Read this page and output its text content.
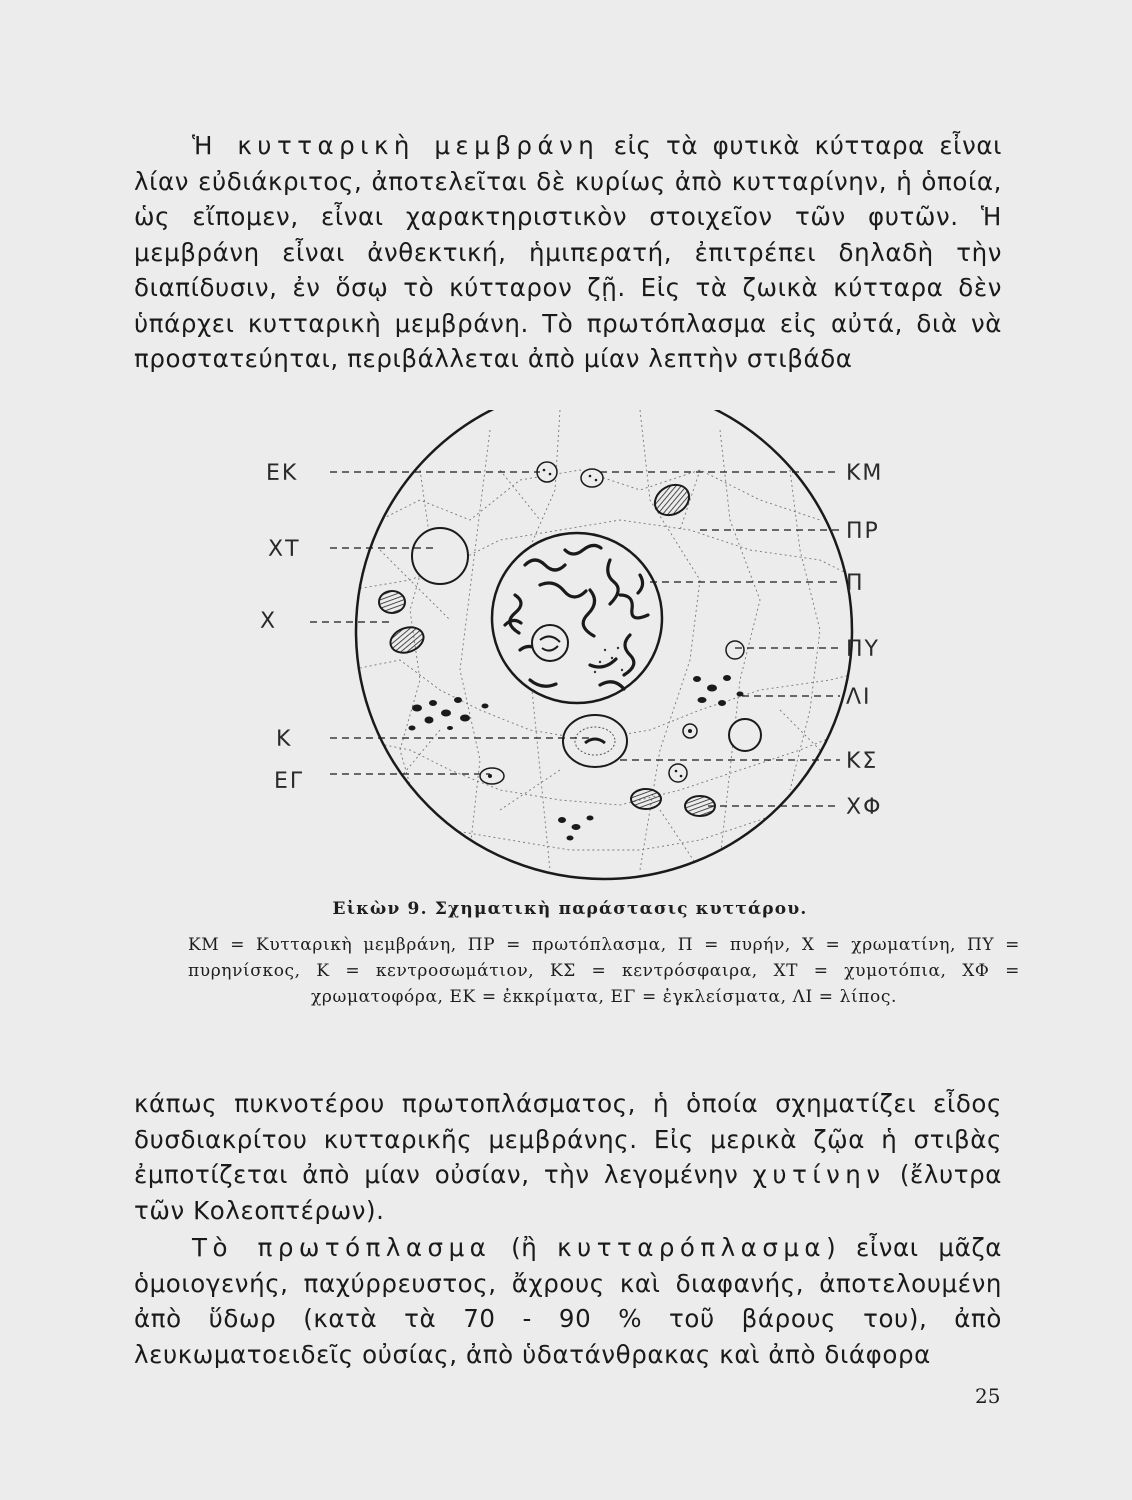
Ἡ κυτταρικὴ μεμβράνη εἰς τὰ φυτικὰ κύτταρα εἶναι λίαν εὐδιάκριτος, ἀποτελεῖται δὲ κυρίως ἀπὸ κυτταρίνην, ἡ ὁποία, ὡς εἴπομεν, εἶναι χαρακτηριστικὸν στοιχεῖον τῶν φυτῶν. Ἡ μεμβράνη εἶναι ἀνθεκτική, ἡμιπερατή, ἐπιτρέπει δηλαδὴ τὴν διαπίδυσιν, ἐν ὅσῳ τὸ κύτταρον ζῇ. Εἰς τὰ ζωικὰ κύτταρα δὲν ὑπάρχει κυτταρικὴ μεμβράνη. Τὸ πρωτόπλασμα εἰς αὐτά, διὰ νὰ προστατεύηται, περιβάλλεται ἀπὸ μίαν λεπτὴν στιβάδα

ΕΚ
ΧΤ
Χ
Κ
ΕΓ
ΚΜ
ΠΡ
Π
ΠΥ
ΛΙ
ΚΣ
ΧΦ

Εἰκὼν 9. Σχηματικὴ παράστασις κυττάρου.

ΚΜ = Κυτταρικὴ μεμβράνη, ΠΡ = πρωτόπλασμα, Π = πυρήν, Χ = χρωματίνη, ΠΥ = πυρηνίσκος, Κ = κεντροσωμάτιον, ΚΣ = κεντρόσφαιρα, ΧΤ = χυμοτόπια, ΧΦ = χρωματοφόρα, ΕΚ = ἐκκρίματα, ΕΓ = ἐγκλείσματα, ΛΙ = λίπος.

κάπως πυκνοτέρου πρωτοπλάσματος, ἡ ὁποία σχηματίζει εἶδος δυσδιακρίτου κυτταρικῆς μεμβράνης. Εἰς μερικὰ ζῷα ἡ στιβὰς ἐμποτίζεται ἀπὸ μίαν οὐσίαν, τὴν λεγομένην χυτίνην (ἔλυτρα τῶν Κολεοπτέρων).

Τὸ πρωτόπλασμα (ἢ κυτταρόπλασμα) εἶναι μᾶζα ὁμοιογενής, παχύρρευστος, ἄχρους καὶ διαφανής, ἀποτελουμένη ἀπὸ ὕδωρ (κατὰ τὰ 70 - 90 % τοῦ βάρους του), ἀπὸ λευκωματοειδεῖς οὐσίας, ἀπὸ ὑδατάνθρακας καὶ ἀπὸ διάφορα

25
